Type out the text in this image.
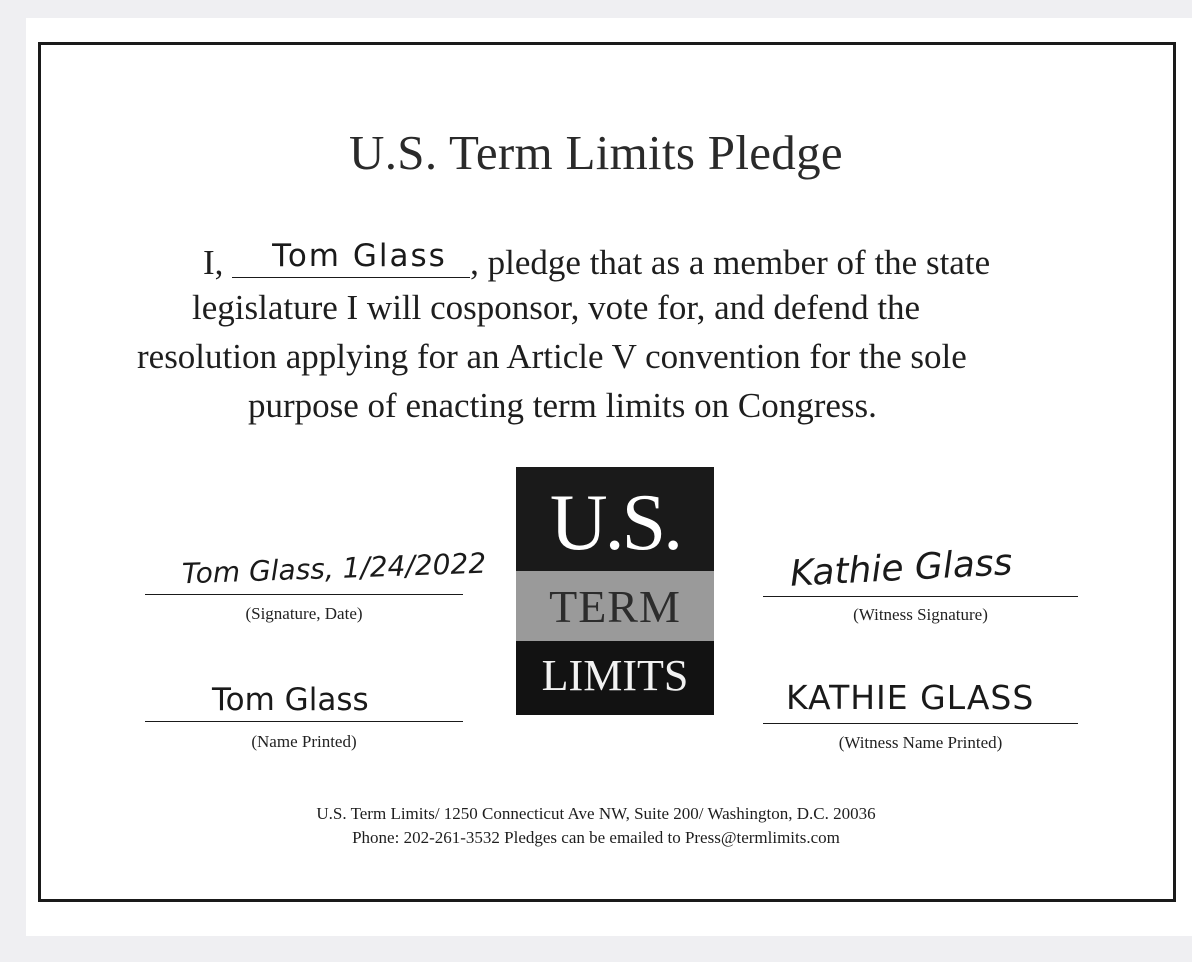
U.S. Term Limits Pledge
I, Tom Glass , pledge that as a member of the state
legislature I will cosponsor, vote for, and defend the
resolution applying for an Article V convention for the sole
purpose of enacting term limits on Congress.
U.S.
TERM
LIMITS
Tom Glass, 1/24/2022
(Signature, Date)
Tom Glass
(Name Printed)
Kathie Glass
(Witness Signature)
KATHIE GLASS
(Witness Name Printed)
U.S. Term Limits/ 1250 Connecticut Ave NW, Suite 200/ Washington, D.C. 20036
Phone: 202-261-3532 Pledges can be emailed to Press@termlimits.com
